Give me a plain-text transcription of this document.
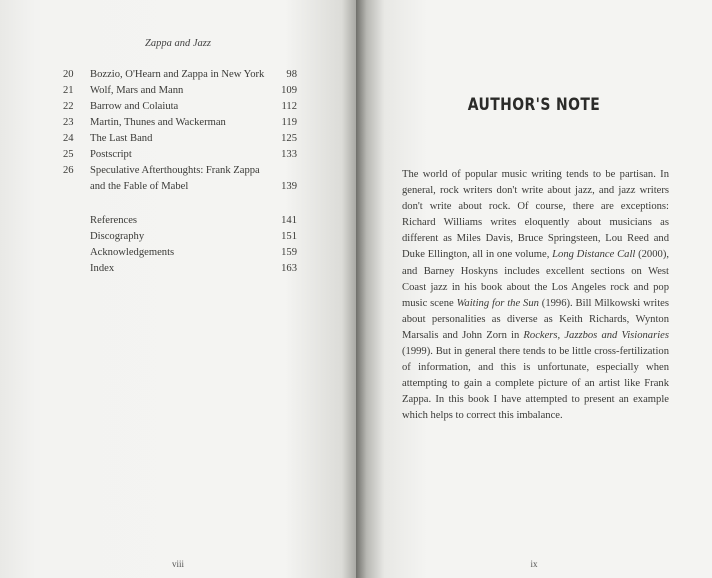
Zappa and Jazz
20	Bozzio, O'Hearn and Zappa in New York 98
21	Wolf, Mars and Mann	109
22	Barrow and Colaiuta	112
23	Martin, Thunes and Wackerman	119
24	The Last Band	125
25	Postscript	133
26	Speculative Afterthoughts: Frank Zappa and the Fable of Mabel	139
References	141
Discography	151
Acknowledgements	159
Index	163
viii
AUTHOR'S NOTE
The world of popular music writing tends to be partisan. In general, rock writers don't write about jazz, and jazz writers don't write about rock. Of course, there are exceptions: Richard Williams writes eloquently about musicians as different as Miles Davis, Bruce Springsteen, Lou Reed and Duke Ellington, all in one volume, Long Distance Call (2000), and Barney Hoskyns includes excellent sections on West Coast jazz in his book about the Los Angeles rock and pop music scene Waiting for the Sun (1996). Bill Milkowski writes about personalities as diverse as Keith Richards, Wynton Marsalis and John Zorn in Rockers, Jazzbos and Visionaries (1999). But in general there tends to be little cross-fertilization of information, and this is unfortunate, especially when attempting to gain a complete picture of an artist like Frank Zappa. In this book I have attempted to present an example which helps to correct this imbalance.
ix
